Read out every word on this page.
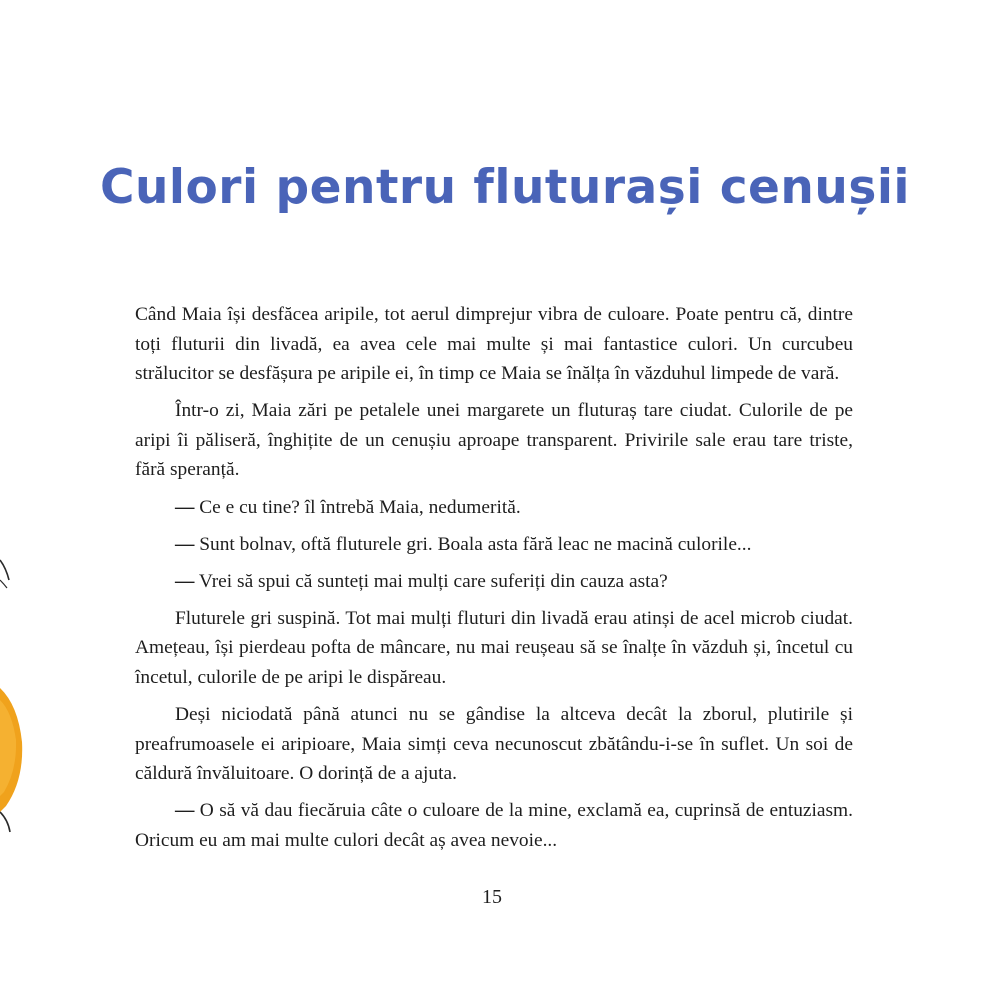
Culori pentru fluturași cenușii

Când Maia își desfăcea aripile, tot aerul dimprejur vibra de culoare. Poate pentru că, dintre toți fluturii din livadă, ea avea cele mai multe și mai fantastice culori. Un curcubeu strălucitor se desfășura pe aripile ei, în timp ce Maia se înălța în văzduhul limpede de vară.

Într-o zi, Maia zări pe petalele unei margarete un fluturaș tare ciudat. Culorile de pe aripi îi păliseră, înghițite de un cenușiu aproape transparent. Privirile sale erau tare triste, fără speranță.

— Ce e cu tine? îl întrebă Maia, nedumerită.

— Sunt bolnav, oftă fluturele gri. Boala asta fără leac ne macină culorile...

— Vrei să spui că sunteți mai mulți care suferiți din cauza asta?

Fluturele gri suspină. Tot mai mulți fluturi din livadă erau atinși de acel microb ciudat. Amețeau, își pierdeau pofta de mâncare, nu mai reușeau să se înalțe în văzduh și, încetul cu încetul, culorile de pe aripi le dispăreau.

Deși niciodată până atunci nu se gândise la altceva decât la zborul, plutirile și preafrumoasele ei aripioare, Maia simți ceva necunoscut zbătându-i-se în suflet. Un soi de căldură învăluitoare. O dorință de a ajuta.

— O să vă dau fiecăruia câte o culoare de la mine, exclamă ea, cuprinsă de entuziasm. Oricum eu am mai multe culori decât aș avea nevoie...

15
